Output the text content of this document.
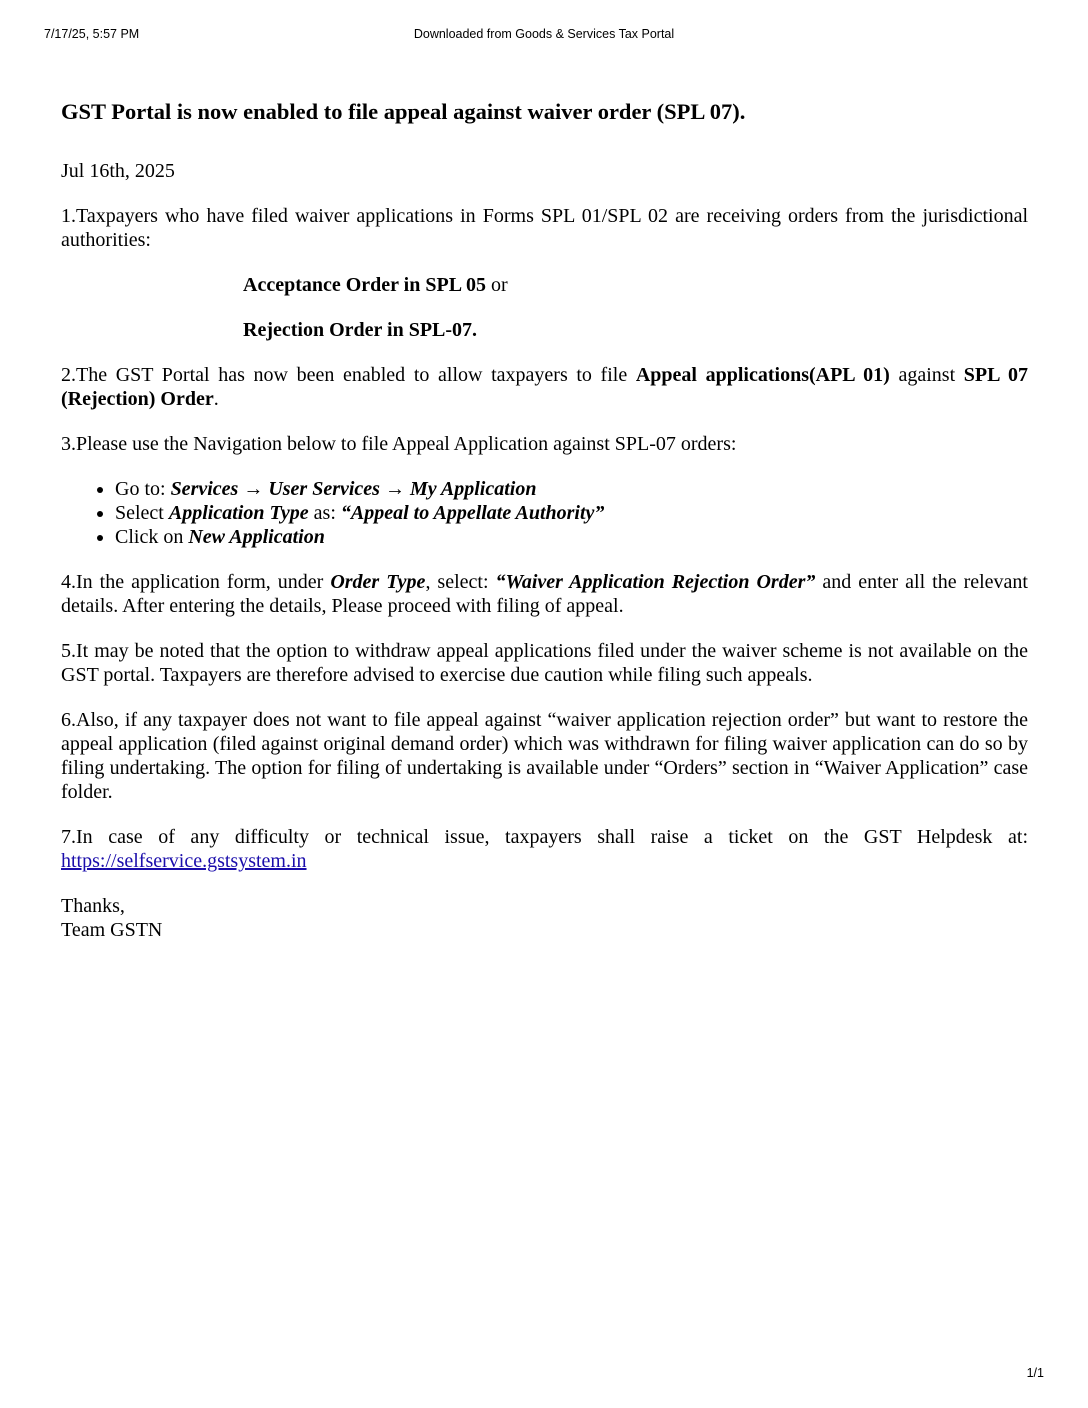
7/17/25, 5:57 PM	Downloaded from Goods & Services Tax Portal
GST Portal is now enabled to file appeal against waiver order (SPL 07).
Jul 16th, 2025

1.Taxpayers who have filed waiver applications in Forms SPL 01/SPL 02 are receiving orders from the jurisdictional authorities:

Acceptance Order in SPL 05 or

Rejection Order in SPL-07.

2.The GST Portal has now been enabled to allow taxpayers to file Appeal applications(APL 01) against SPL 07 (Rejection) Order.

3.Please use the Navigation below to file Appeal Application against SPL-07 orders:

• Go to: Services → User Services → My Application
• Select Application Type as: “Appeal to Appellate Authority”
• Click on New Application

4.In the application form, under Order Type, select: “Waiver Application Rejection Order” and enter all the relevant details. After entering the details, Please proceed with filing of appeal.

5.It may be noted that the option to withdraw appeal applications filed under the waiver scheme is not available on the GST portal. Taxpayers are therefore advised to exercise due caution while filing such appeals.

6.Also, if any taxpayer does not want to file appeal against “waiver application rejection order” but want to restore the appeal application (filed against original demand order) which was withdrawn for filing waiver application can do so by filing undertaking. The option for filing of undertaking is available under “Orders” section in “Waiver Application” case folder.

7.In case of any difficulty or technical issue, taxpayers shall raise a ticket on the GST Helpdesk at: https://selfservice.gstsystem.in

Thanks,
Team GSTN
1/1
